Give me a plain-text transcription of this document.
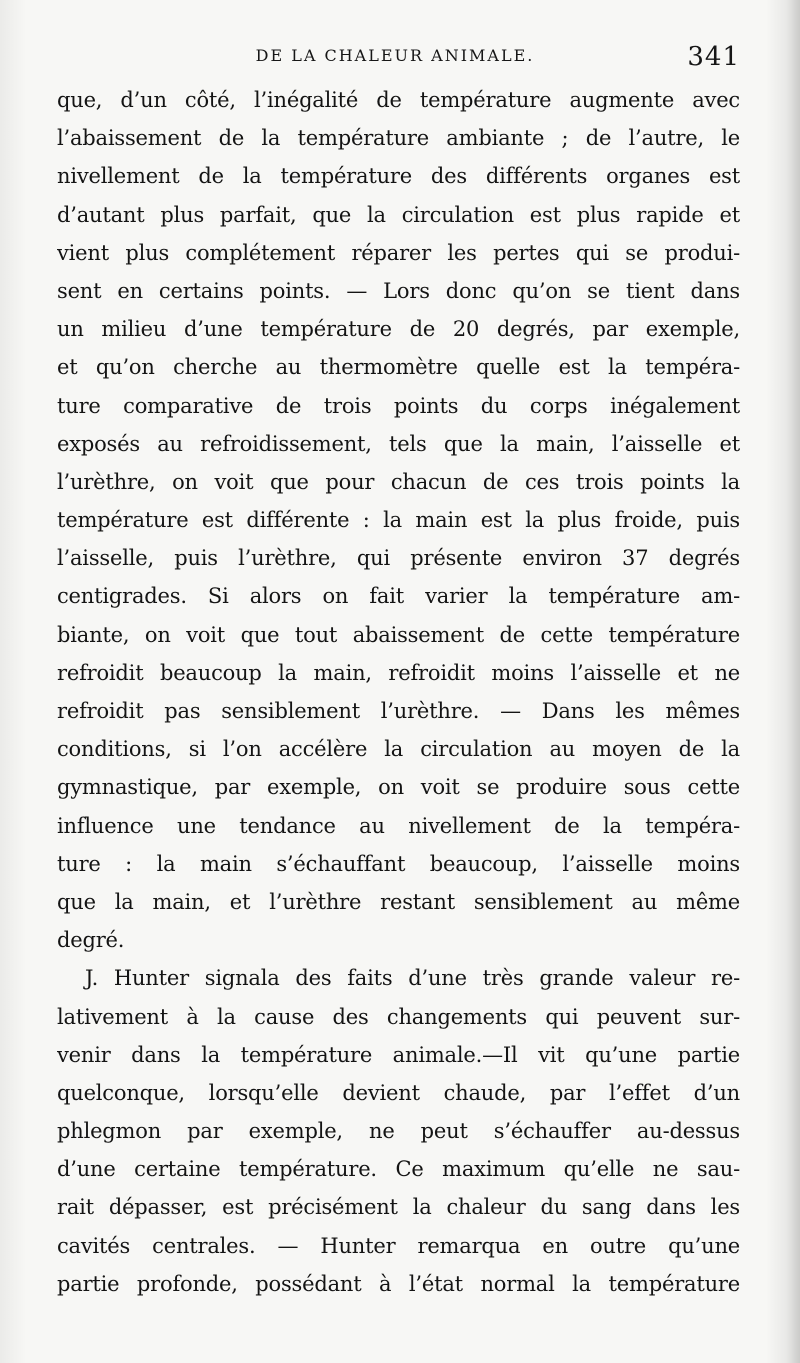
DE LA CHALEUR ANIMALE.	341
que, d’un côté, l’inégalité de température augmente avec
l’abaissement de la température ambiante ; de l’autre, le
nivellement de la température des différents organes est
d’autant plus parfait, que la circulation est plus rapide et
vient plus complétement réparer les pertes qui se produi-
sent en certains points. — Lors donc qu’on se tient dans
un milieu d’une température de 20 degrés, par exemple,
et qu’on cherche au thermomètre quelle est la tempéra-
ture comparative de trois points du corps inégalement
exposés au refroidissement, tels que la main, l’aisselle et
l’urèthre, on voit que pour chacun de ces trois points la
température est différente : la main est la plus froide, puis
l’aisselle, puis l’urèthre, qui présente environ 37 degrés
centigrades. Si alors on fait varier la température am-
biante, on voit que tout abaissement de cette température
refroidit beaucoup la main, refroidit moins l’aisselle et ne
refroidit pas sensiblement l’urèthre. — Dans les mêmes
conditions, si l’on accélère la circulation au moyen de la
gymnastique, par exemple, on voit se produire sous cette
influence une tendance au nivellement de la tempéra-
ture : la main s’échauffant beaucoup, l’aisselle moins
que la main, et l’urèthre restant sensiblement au même
degré.
J. Hunter signala des faits d’une très grande valeur re-
lativement à la cause des changements qui peuvent sur-
venir dans la température animale.—Il vit qu’une partie
quelconque, lorsqu’elle devient chaude, par l’effet d’un
phlegmon par exemple, ne peut s’échauffer au-dessus
d’une certaine température. Ce maximum qu’elle ne sau-
rait dépasser, est précisément la chaleur du sang dans les
cavités centrales. — Hunter remarqua en outre qu’une
partie profonde, possédant à l’état normal la température
